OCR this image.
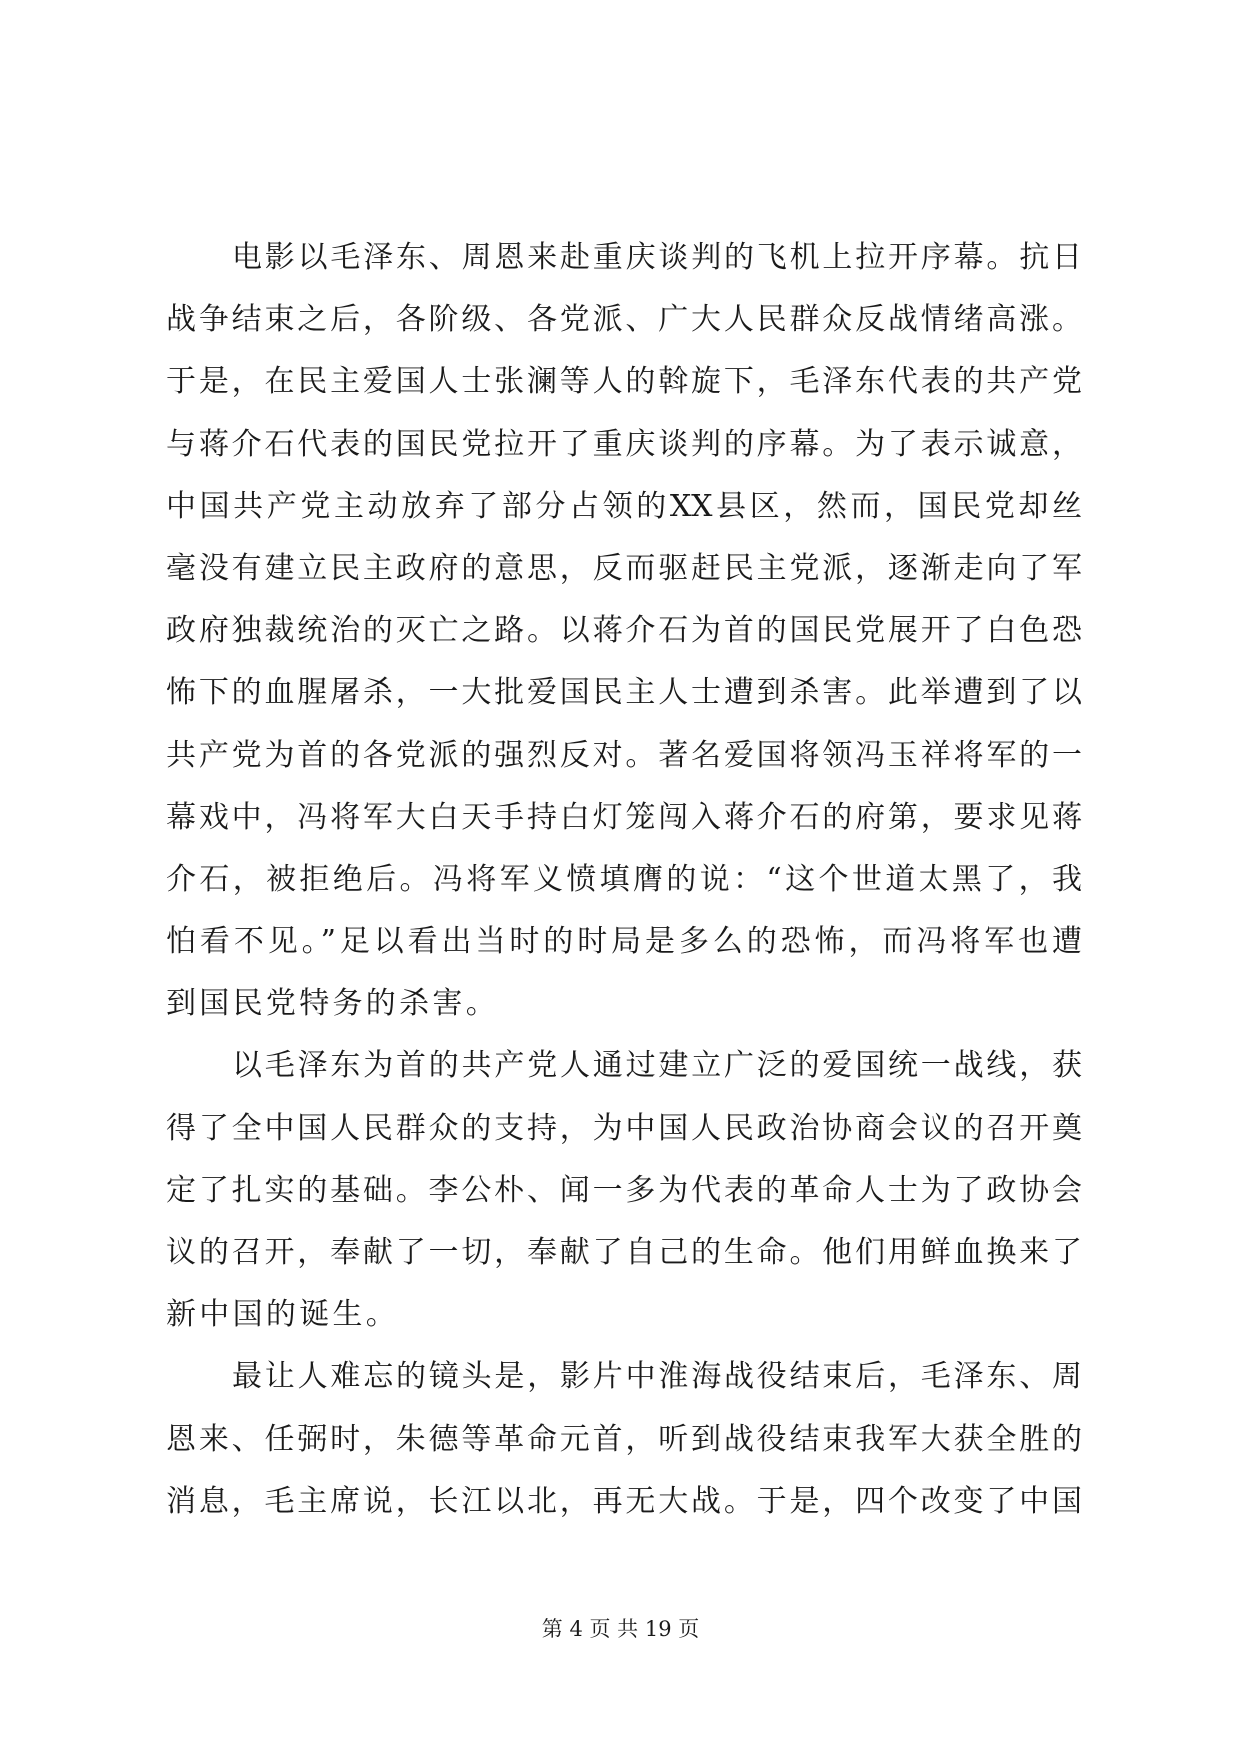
电影以毛泽东、周恩来赴重庆谈判的飞机上拉开序幕。抗日
战争结束之后，各阶级、各党派、广大人民群众反战情绪高涨。
于是，在民主爱国人士张澜等人的斡旋下，毛泽东代表的共产党
与蒋介石代表的国民党拉开了重庆谈判的序幕。为了表示诚意，
中国共产党主动放弃了部分占领的XX县区，然而，国民党却丝
毫没有建立民主政府的意思，反而驱赶民主党派，逐渐走向了军
政府独裁统治的灭亡之路。以蒋介石为首的国民党展开了白色恐
怖下的血腥屠杀，一大批爱国民主人士遭到杀害。此举遭到了以
共产党为首的各党派的强烈反对。著名爱国将领冯玉祥将军的一
幕戏中，冯将军大白天手持白灯笼闯入蒋介石的府第，要求见蒋
介石，被拒绝后。冯将军义愤填膺的说：“这个世道太黑了，我
怕看不见。”足以看出当时的时局是多么的恐怖，而冯将军也遭
到国民党特务的杀害。
以毛泽东为首的共产党人通过建立广泛的爱国统一战线，获
得了全中国人民群众的支持，为中国人民政治协商会议的召开奠
定了扎实的基础。李公朴、闻一多为代表的革命人士为了政协会
议的召开，奉献了一切，奉献了自己的生命。他们用鲜血换来了
新中国的诞生。
最让人难忘的镜头是，影片中淮海战役结束后，毛泽东、周
恩来、任弼时，朱德等革命元首，听到战役结束我军大获全胜的
消息，毛主席说，长江以北，再无大战。于是，四个改变了中国
第 4 页 共 19 页
